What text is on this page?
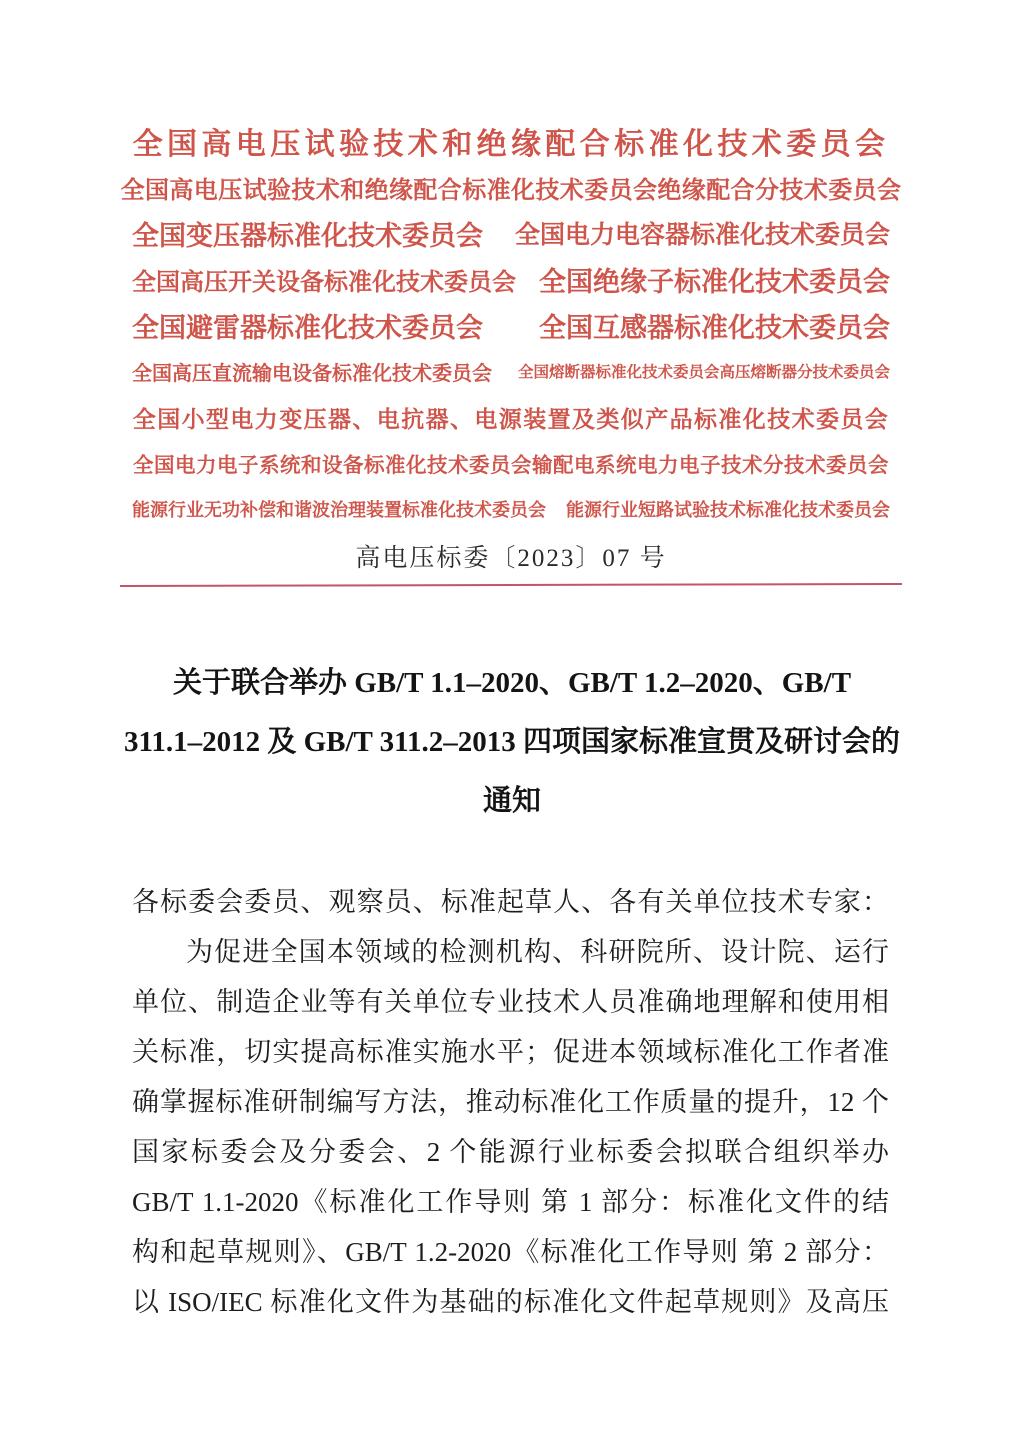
全国高电压试验技术和绝缘配合标准化技术委员会
全国高电压试验技术和绝缘配合标准化技术委员会绝缘配合分技术委员会
全国变压器标准化技术委员会 全国电力电容器标准化技术委员会
全国高压开关设备标准化技术委员会 全国绝缘子标准化技术委员会
全国避雷器标准化技术委员会 全国互感器标准化技术委员会
全国高压直流输电设备标准化技术委员会 全国熔断器标准化技术委员会高压熔断器分技术委员会
全国小型电力变压器、电抗器、电源装置及类似产品标准化技术委员会
全国电力电子系统和设备标准化技术委员会输配电系统电力电子技术分技术委员会
能源行业无功补偿和谐波治理装置标准化技术委员会 能源行业短路试验技术标准化技术委员会
高电压标委〔2023〕07 号
关于联合举办 GB/T 1.1–2020、GB/T 1.2–2020、GB/T
311.1–2012 及 GB/T 311.2–2013 四项国家标准宣贯及研讨会的
通知
各标委会委员、观察员、标准起草人、各有关单位技术专家：
为促进全国本领域的检测机构、科研院所、设计院、运行
单位、制造企业等有关单位专业技术人员准确地理解和使用相
关标准，切实提高标准实施水平；促进本领域标准化工作者准
确掌握标准研制编写方法，推动标准化工作质量的提升，12 个
国家标委会及分委会、2 个能源行业标委会拟联合组织举办
GB/T 1.1-2020《标准化工作导则 第 1 部分：标准化文件的结
构和起草规则》、GB/T 1.2-2020《标准化工作导则 第 2 部分：
以 ISO/IEC 标准化文件为基础的标准化文件起草规则》及高压
